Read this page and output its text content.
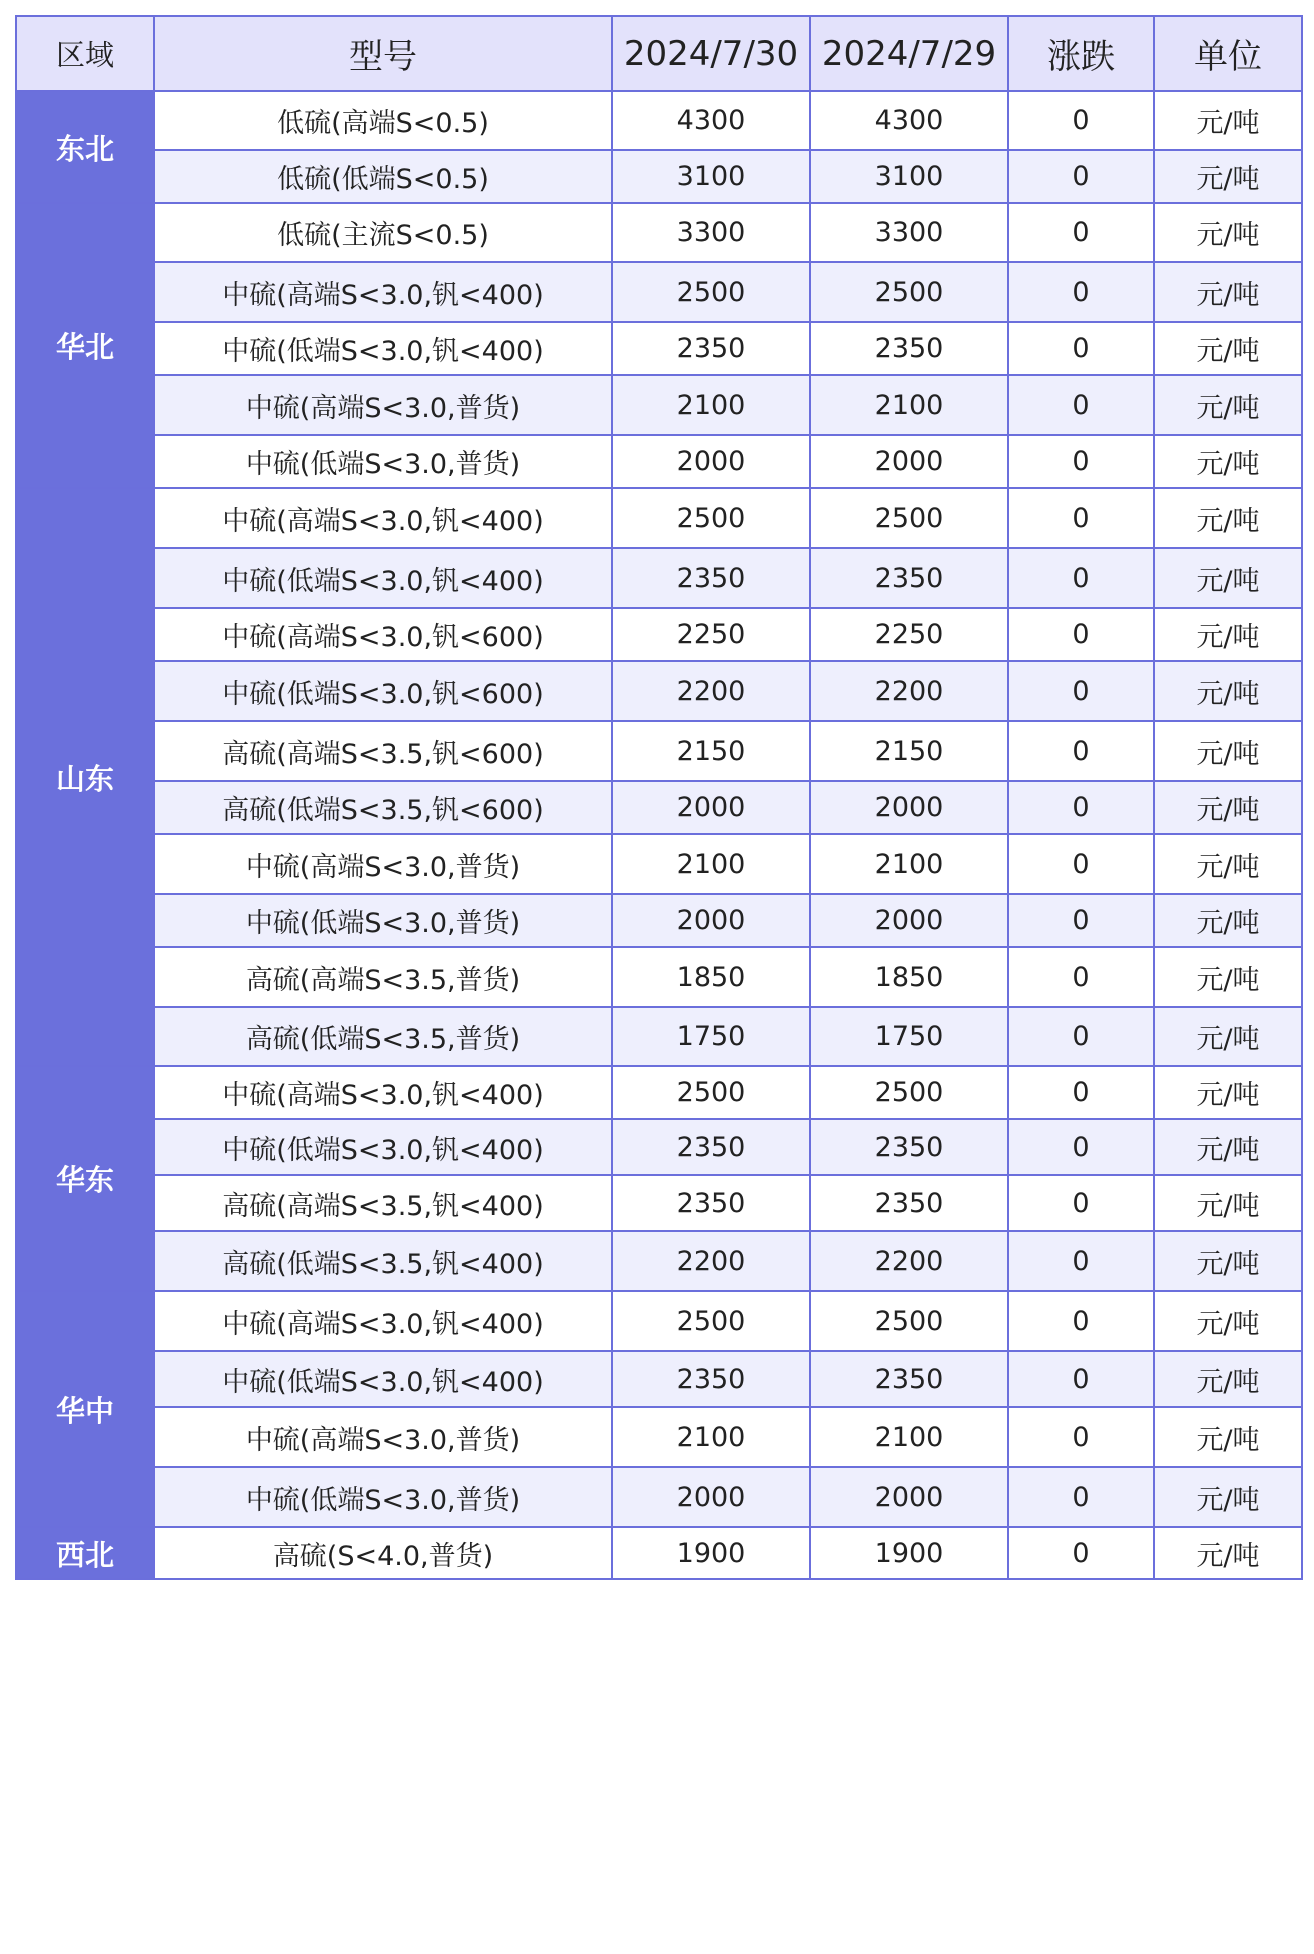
区域	型号	2024/7/30	2024/7/29	涨跌	单位
东北	低硫(高端S<0.5)	4300	4300	0	元/吨
	低硫(低端S<0.5)	3100	3100	0	元/吨
华北	低硫(主流S<0.5)	3300	3300	0	元/吨
	中硫(高端S<3.0,钒<400)	2500	2500	0	元/吨
	中硫(低端S<3.0,钒<400)	2350	2350	0	元/吨
	中硫(高端S<3.0,普货)	2100	2100	0	元/吨
	中硫(低端S<3.0,普货)	2000	2000	0	元/吨
山东	中硫(高端S<3.0,钒<400)	2500	2500	0	元/吨
	中硫(低端S<3.0,钒<400)	2350	2350	0	元/吨
	中硫(高端S<3.0,钒<600)	2250	2250	0	元/吨
	中硫(低端S<3.0,钒<600)	2200	2200	0	元/吨
	高硫(高端S<3.5,钒<600)	2150	2150	0	元/吨
	高硫(低端S<3.5,钒<600)	2000	2000	0	元/吨
	中硫(高端S<3.0,普货)	2100	2100	0	元/吨
	中硫(低端S<3.0,普货)	2000	2000	0	元/吨
	高硫(高端S<3.5,普货)	1850	1850	0	元/吨
	高硫(低端S<3.5,普货)	1750	1750	0	元/吨
华东	中硫(高端S<3.0,钒<400)	2500	2500	0	元/吨
	中硫(低端S<3.0,钒<400)	2350	2350	0	元/吨
	高硫(高端S<3.5,钒<400)	2350	2350	0	元/吨
	高硫(低端S<3.5,钒<400)	2200	2200	0	元/吨
华中	中硫(高端S<3.0,钒<400)	2500	2500	0	元/吨
	中硫(低端S<3.0,钒<400)	2350	2350	0	元/吨
	中硫(高端S<3.0,普货)	2100	2100	0	元/吨
	中硫(低端S<3.0,普货)	2000	2000	0	元/吨
西北	高硫(S<4.0,普货)	1900	1900	0	元/吨
